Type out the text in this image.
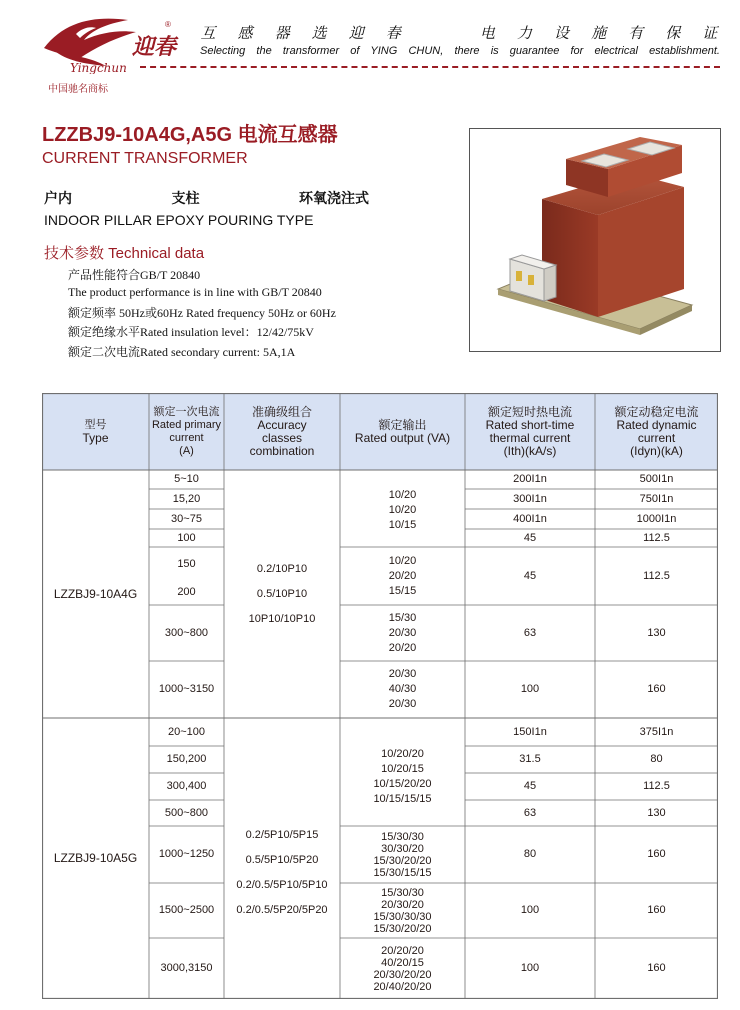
迎春
Yingchun
®
中国驰名商标
互 感 器 选 迎 春	电 力 设 施 有 保 证
Selecting the transformer of YING CHUN, there is guarantee for electrical establishment.
LZZBJ9-10A4G,A5G 电流互感器
CURRENT TRANSFORMER
户内    支柱    环氧浇注式
INDOOR PILLAR EPOXY POURING TYPE
技术参数 Technical data
产品性能符合GB/T 20840
The product performance is in line with GB/T 20840
额定频率 50Hz或60Hz Rated frequency 50Hz or 60Hz
额定绝缘水平Rated insulation level：12/42/75kV
额定二次电流Rated secondary current: 5A,1A
型号
Type
额定一次电流
Rated primary
current
(A)
准确级组合
Accuracy
classes
combination
额定输出
Rated output (VA)
额定短时热电流
Rated short-time
thermal current
(Ith)(kA/s)
额定动稳定电流
Rated dynamic
current
(Idyn)(kA)
LZZBJ9-10A4G
5~10
15,20
30~75
100
150
200
300~800
1000~3150
0.2/10P10
0.5/10P10
10P10/10P10
10/20
10/20
10/15
10/20
20/20
15/15
15/30
20/30
20/20
20/30
40/30
20/30
200I1n
300I1n
400I1n
45
45
63
100
500I1n
750I1n
1000I1n
112.5
112.5
130
160
LZZBJ9-10A5G
20~100
150,200
300,400
500~800
1000~1250
1500~2500
3000,3150
0.2/5P10/5P15
0.5/5P10/5P20
0.2/0.5/5P10/5P10
0.2/0.5/5P20/5P20
10/20/20
10/20/15
10/15/20/20
10/15/15/15
15/30/30
30/30/20
15/30/20/20
15/30/15/15
15/30/30
20/30/20
15/30/30/30
15/30/20/20
20/20/20
40/20/15
20/30/20/20
20/40/20/20
150I1n
31.5
45
63
80
100
100
375I1n
80
112.5
130
160
160
160
